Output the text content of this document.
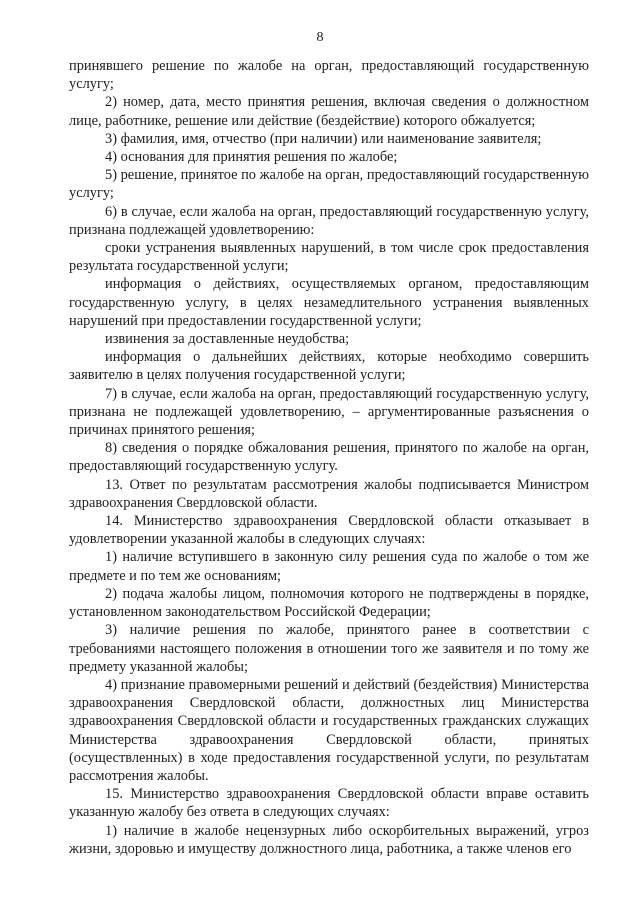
8

принявшего решение по жалобе на орган, предоставляющий государственную услугу;

2) номер, дата, место принятия решения, включая сведения о должностном лице, работнике, решение или действие (бездействие) которого обжалуется;

3) фамилия, имя, отчество (при наличии) или наименование заявителя;

4) основания для принятия решения по жалобе;

5) решение, принятое по жалобе на орган, предоставляющий государственную услугу;

6) в случае, если жалоба на орган, предоставляющий государственную услугу, признана подлежащей удовлетворению:

сроки устранения выявленных нарушений, в том числе срок предоставления результата государственной услуги;

информация о действиях, осуществляемых органом, предоставляющим государственную услугу, в целях незамедлительного устранения выявленных нарушений при предоставлении государственной услуги;

извинения за доставленные неудобства;

информация о дальнейших действиях, которые необходимо совершить заявителю в целях получения государственной услуги;

7) в случае, если жалоба на орган, предоставляющий государственную услугу, признана не подлежащей удовлетворению, – аргументированные разъяснения о причинах принятого решения;

8) сведения о порядке обжалования решения, принятого по жалобе на орган, предоставляющий государственную услугу.

13. Ответ по результатам рассмотрения жалобы подписывается Министром здравоохранения Свердловской области.

14. Министерство здравоохранения Свердловской области отказывает в удовлетворении указанной жалобы в следующих случаях:

1) наличие вступившего в законную силу решения суда по жалобе о том же предмете и по тем же основаниям;

2) подача жалобы лицом, полномочия которого не подтверждены в порядке, установленном законодательством Российской Федерации;

3) наличие решения по жалобе, принятого ранее в соответствии с требованиями настоящего положения в отношении того же заявителя и по тому же предмету указанной жалобы;

4) признание правомерными решений и действий (бездействия) Министерства здравоохранения Свердловской области, должностных лиц Министерства здравоохранения Свердловской области и государственных гражданских служащих Министерства здравоохранения Свердловской области, принятых (осуществленных) в ходе предоставления государственной услуги, по результатам рассмотрения жалобы.

15. Министерство здравоохранения Свердловской области вправе оставить указанную жалобу без ответа в следующих случаях:

1) наличие в жалобе нецензурных либо оскорбительных выражений, угроз жизни, здоровью и имуществу должностного лица, работника, а также членов его
